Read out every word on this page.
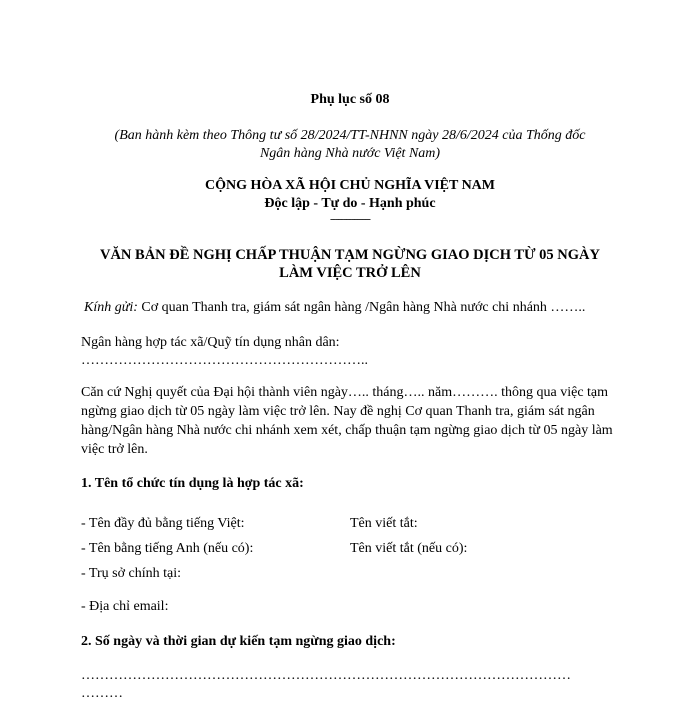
Phụ lục số 08
(Ban hành kèm theo Thông tư số 28/2024/TT-NHNN ngày 28/6/2024 của Thống đốc
Ngân hàng Nhà nước Việt Nam)
CỘNG HÒA XÃ HỘI CHỦ NGHĨA VIỆT NAM
Độc lập - Tự do - Hạnh phúc
---------------
VĂN BẢN ĐỀ NGHỊ CHẤP THUẬN TẠM NGỪNG GIAO DỊCH TỪ 05 NGÀY
LÀM VIỆC TRỞ LÊN
Kính gửi: Cơ quan Thanh tra, giám sát ngân hàng /Ngân hàng Nhà nước chi nhánh ……..
Ngân hàng hợp tác xã/Quỹ tín dụng nhân dân:
……………………………………………………..
Căn cứ Nghị quyết của Đại hội thành viên ngày….. tháng….. năm………. thông qua việc tạm ngừng giao dịch từ 05 ngày làm việc trở lên. Nay đề nghị Cơ quan Thanh tra, giám sát ngân hàng/Ngân hàng Nhà nước chi nhánh xem xét, chấp thuận tạm ngừng giao dịch từ 05 ngày làm việc trở lên.
1. Tên tổ chức tín dụng là hợp tác xã:
- Tên đầy đủ bằng tiếng Việt:	Tên viết tắt:
- Tên bằng tiếng Anh (nếu có):	Tên viết tắt (nếu có):
- Trụ sở chính tại:
- Địa chỉ email:
2. Số ngày và thời gian dự kiến tạm ngừng giao dịch:
……………………………………………………………………………………………
………
